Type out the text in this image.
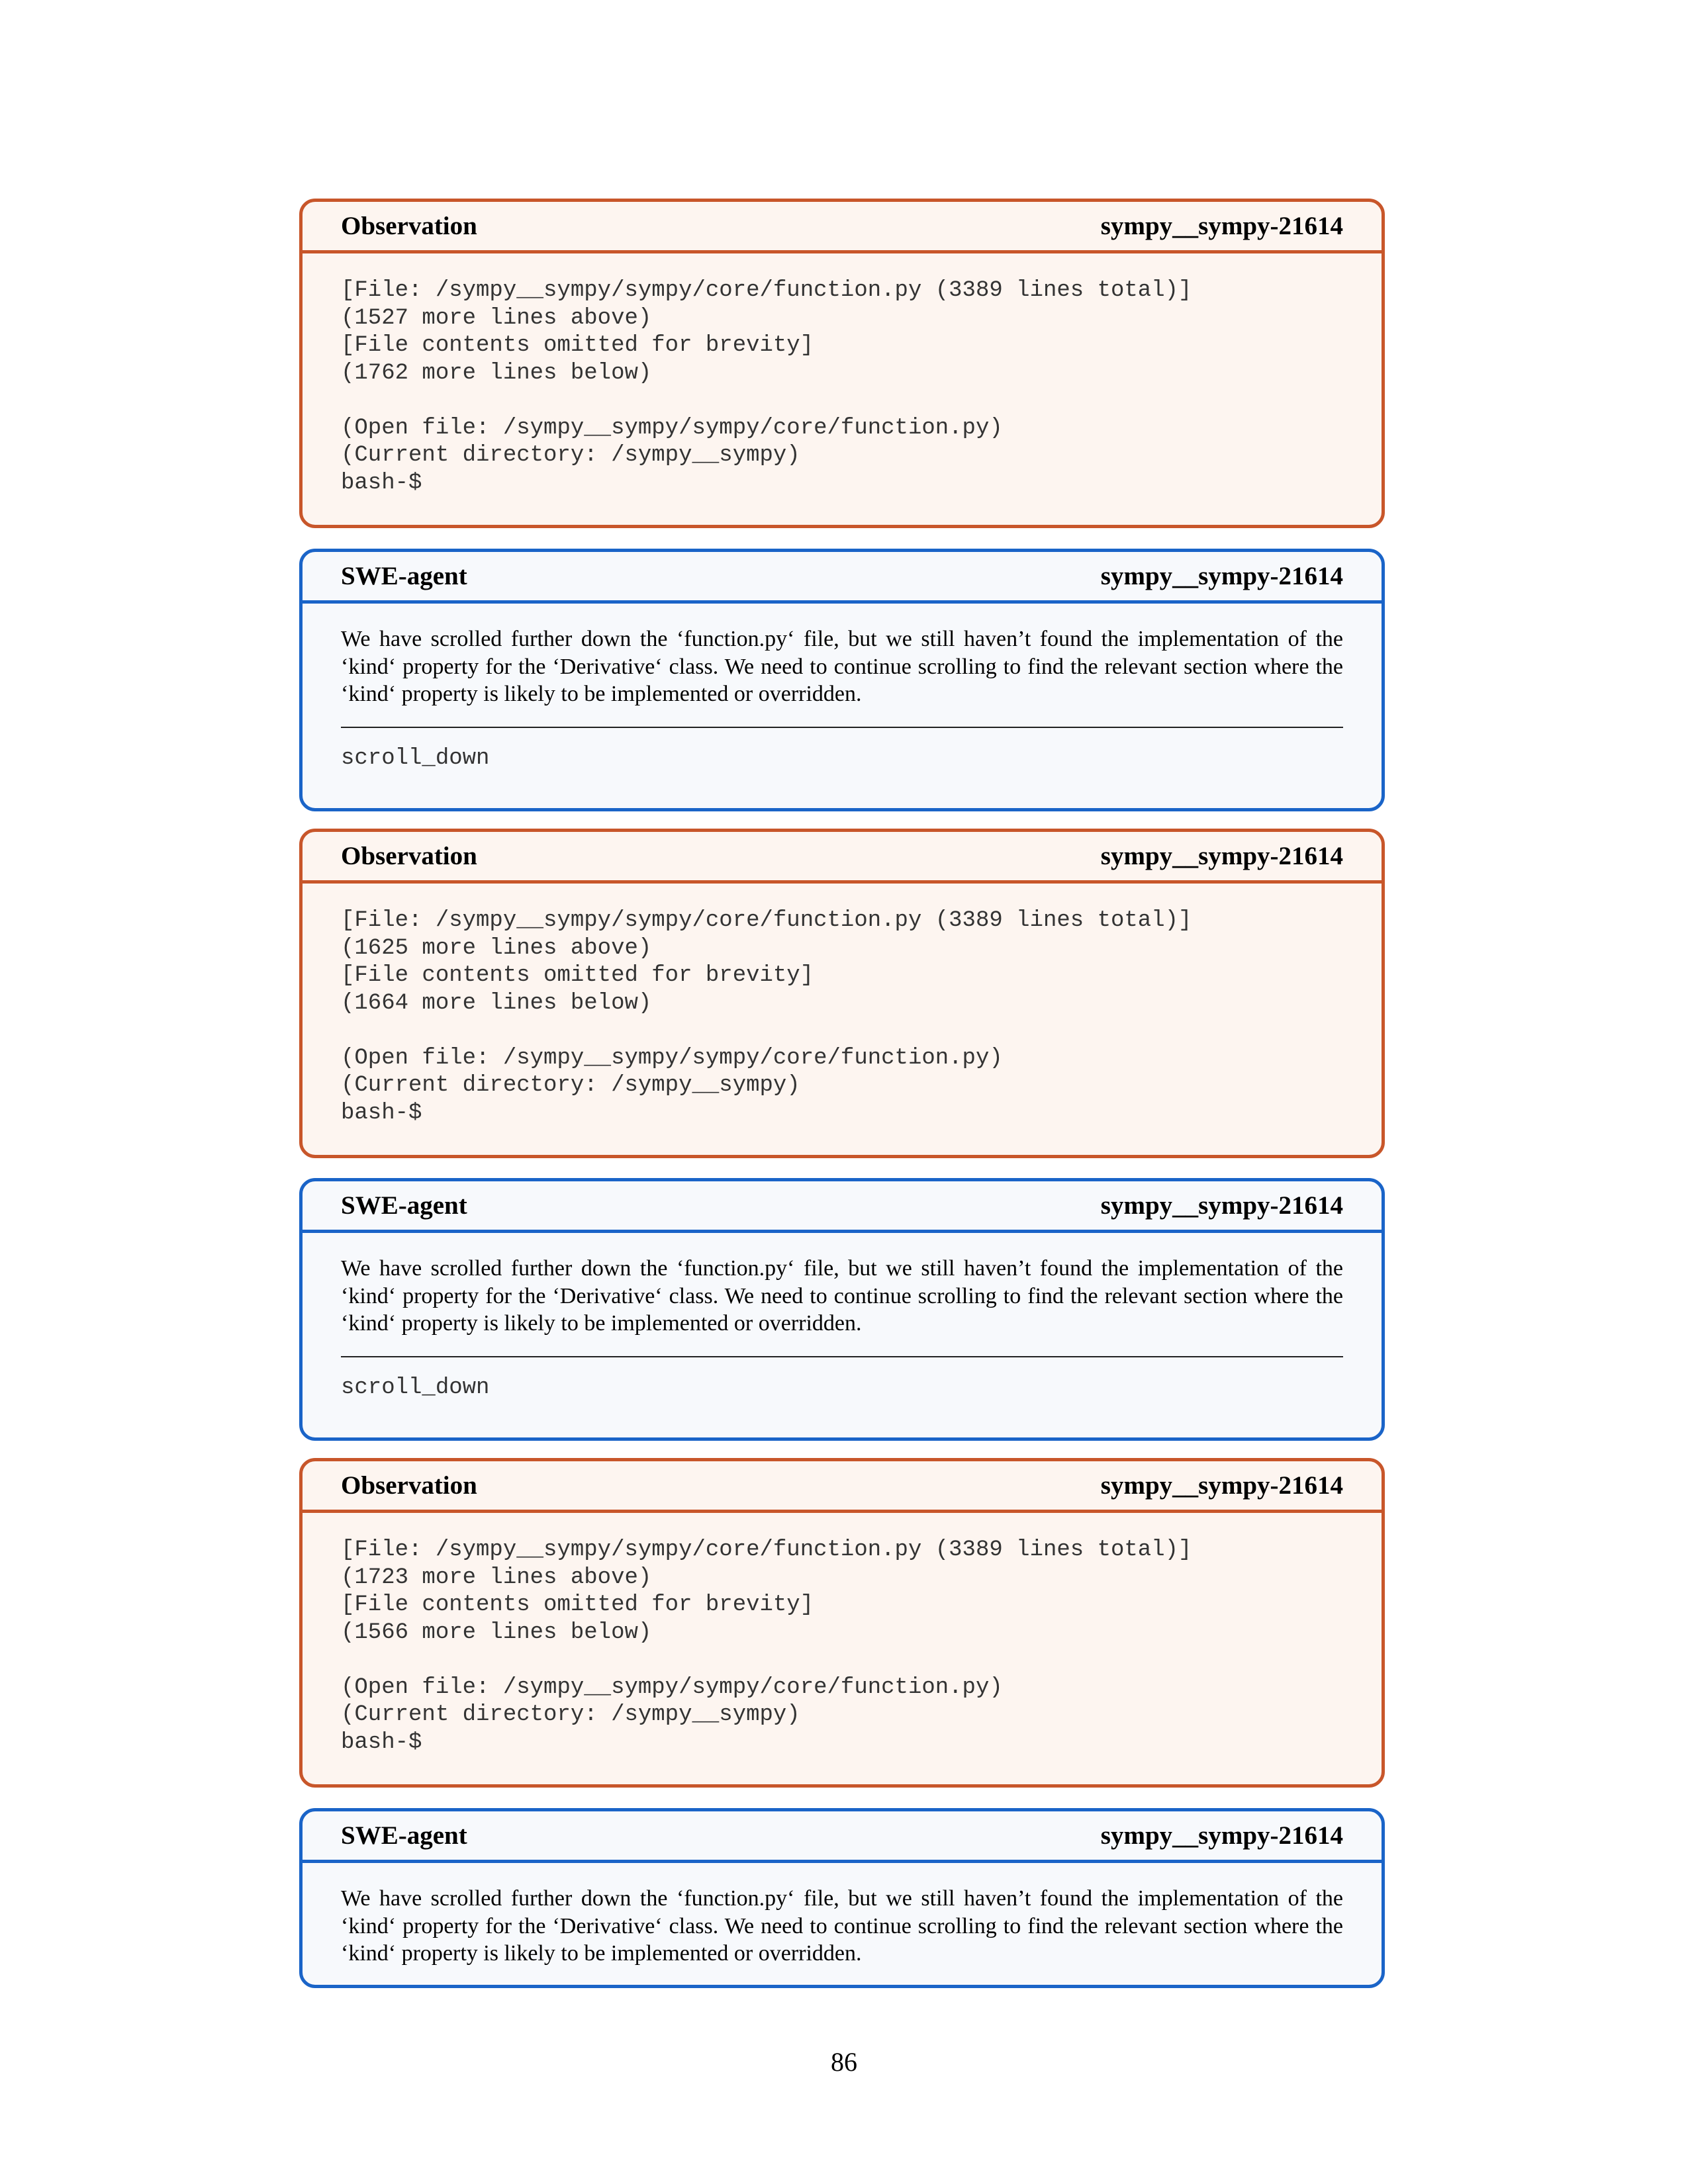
Observation	sympy__sympy-21614
[File: /sympy__sympy/sympy/core/function.py (3389 lines total)]
(1527 more lines above)
[File contents omitted for brevity]
(1762 more lines below)
(Open file: /sympy__sympy/sympy/core/function.py)
(Current directory: /sympy__sympy)
bash-$
SWE-agent	sympy__sympy-21614

We have scrolled further down the ‘function.py‘ file, but we still haven’t found the implementation of the ‘kind‘ property for the ‘Derivative‘ class. We need to continue scrolling to find the relevant section where the ‘kind‘ property is likely to be implemented or overridden.

scroll_down
Observation	sympy__sympy-21614
[File: /sympy__sympy/sympy/core/function.py (3389 lines total)]
(1625 more lines above)
[File contents omitted for brevity]
(1664 more lines below)
(Open file: /sympy__sympy/sympy/core/function.py)
(Current directory: /sympy__sympy)
bash-$
SWE-agent	sympy__sympy-21614

We have scrolled further down the ‘function.py‘ file, but we still haven’t found the implementation of the ‘kind‘ property for the ‘Derivative‘ class. We need to continue scrolling to find the relevant section where the ‘kind‘ property is likely to be implemented or overridden.

scroll_down
Observation	sympy__sympy-21614
[File: /sympy__sympy/sympy/core/function.py (3389 lines total)]
(1723 more lines above)
[File contents omitted for brevity]
(1566 more lines below)
(Open file: /sympy__sympy/sympy/core/function.py)
(Current directory: /sympy__sympy)
bash-$
SWE-agent	sympy__sympy-21614

We have scrolled further down the ‘function.py‘ file, but we still haven’t found the implementation of the ‘kind‘ property for the ‘Derivative‘ class. We need to continue scrolling to find the relevant section where the ‘kind‘ property is likely to be implemented or overridden.

86
